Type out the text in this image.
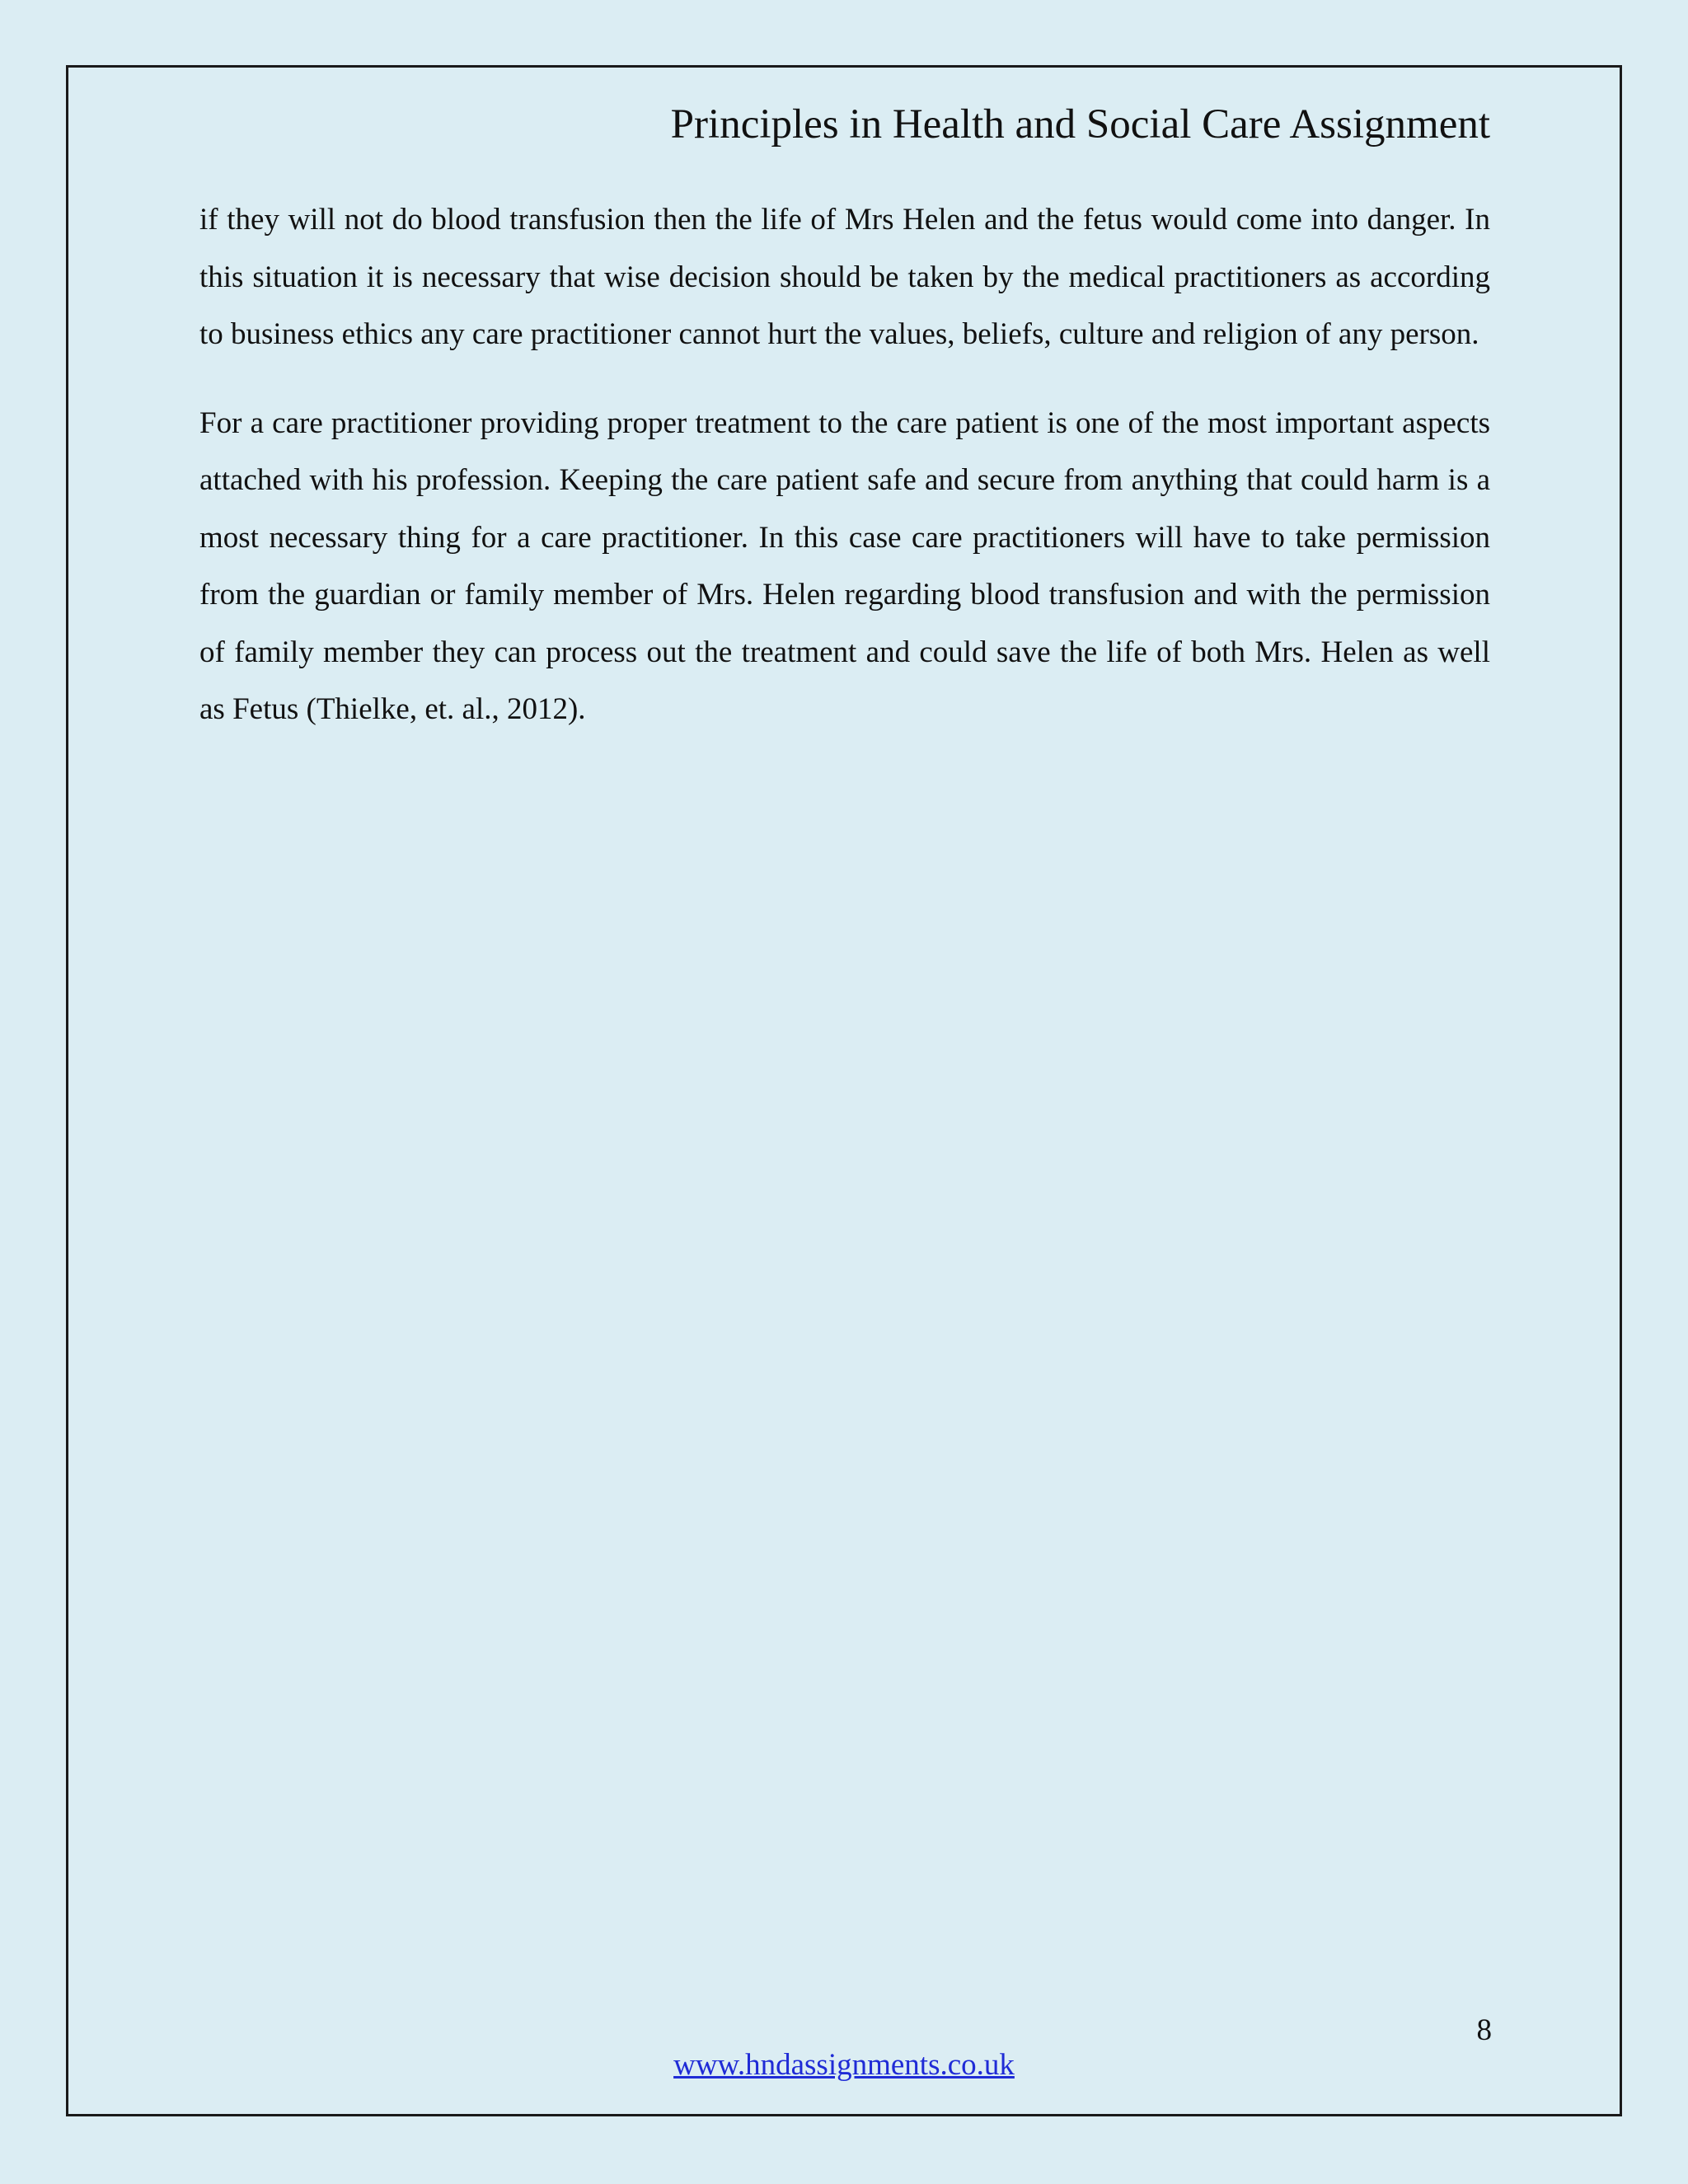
Principles in Health and Social Care Assignment

if they will not do blood transfusion then the life of Mrs Helen and the fetus would come into danger. In this situation it is necessary that wise decision should be taken by the medical practitioners as according to business ethics any care practitioner cannot hurt the values, beliefs, culture and religion of any person.

For a care practitioner providing proper treatment to the care patient is one of the most important aspects attached with his profession. Keeping the care patient safe and secure from anything that could harm is a most necessary thing for a care practitioner. In this case care practitioners will have to take permission from the guardian or family member of Mrs. Helen regarding blood transfusion and with the permission of family member they can process out the treatment and could save the life of both Mrs. Helen as well as Fetus (Thielke, et. al., 2012).

8
www.hndassignments.co.uk
